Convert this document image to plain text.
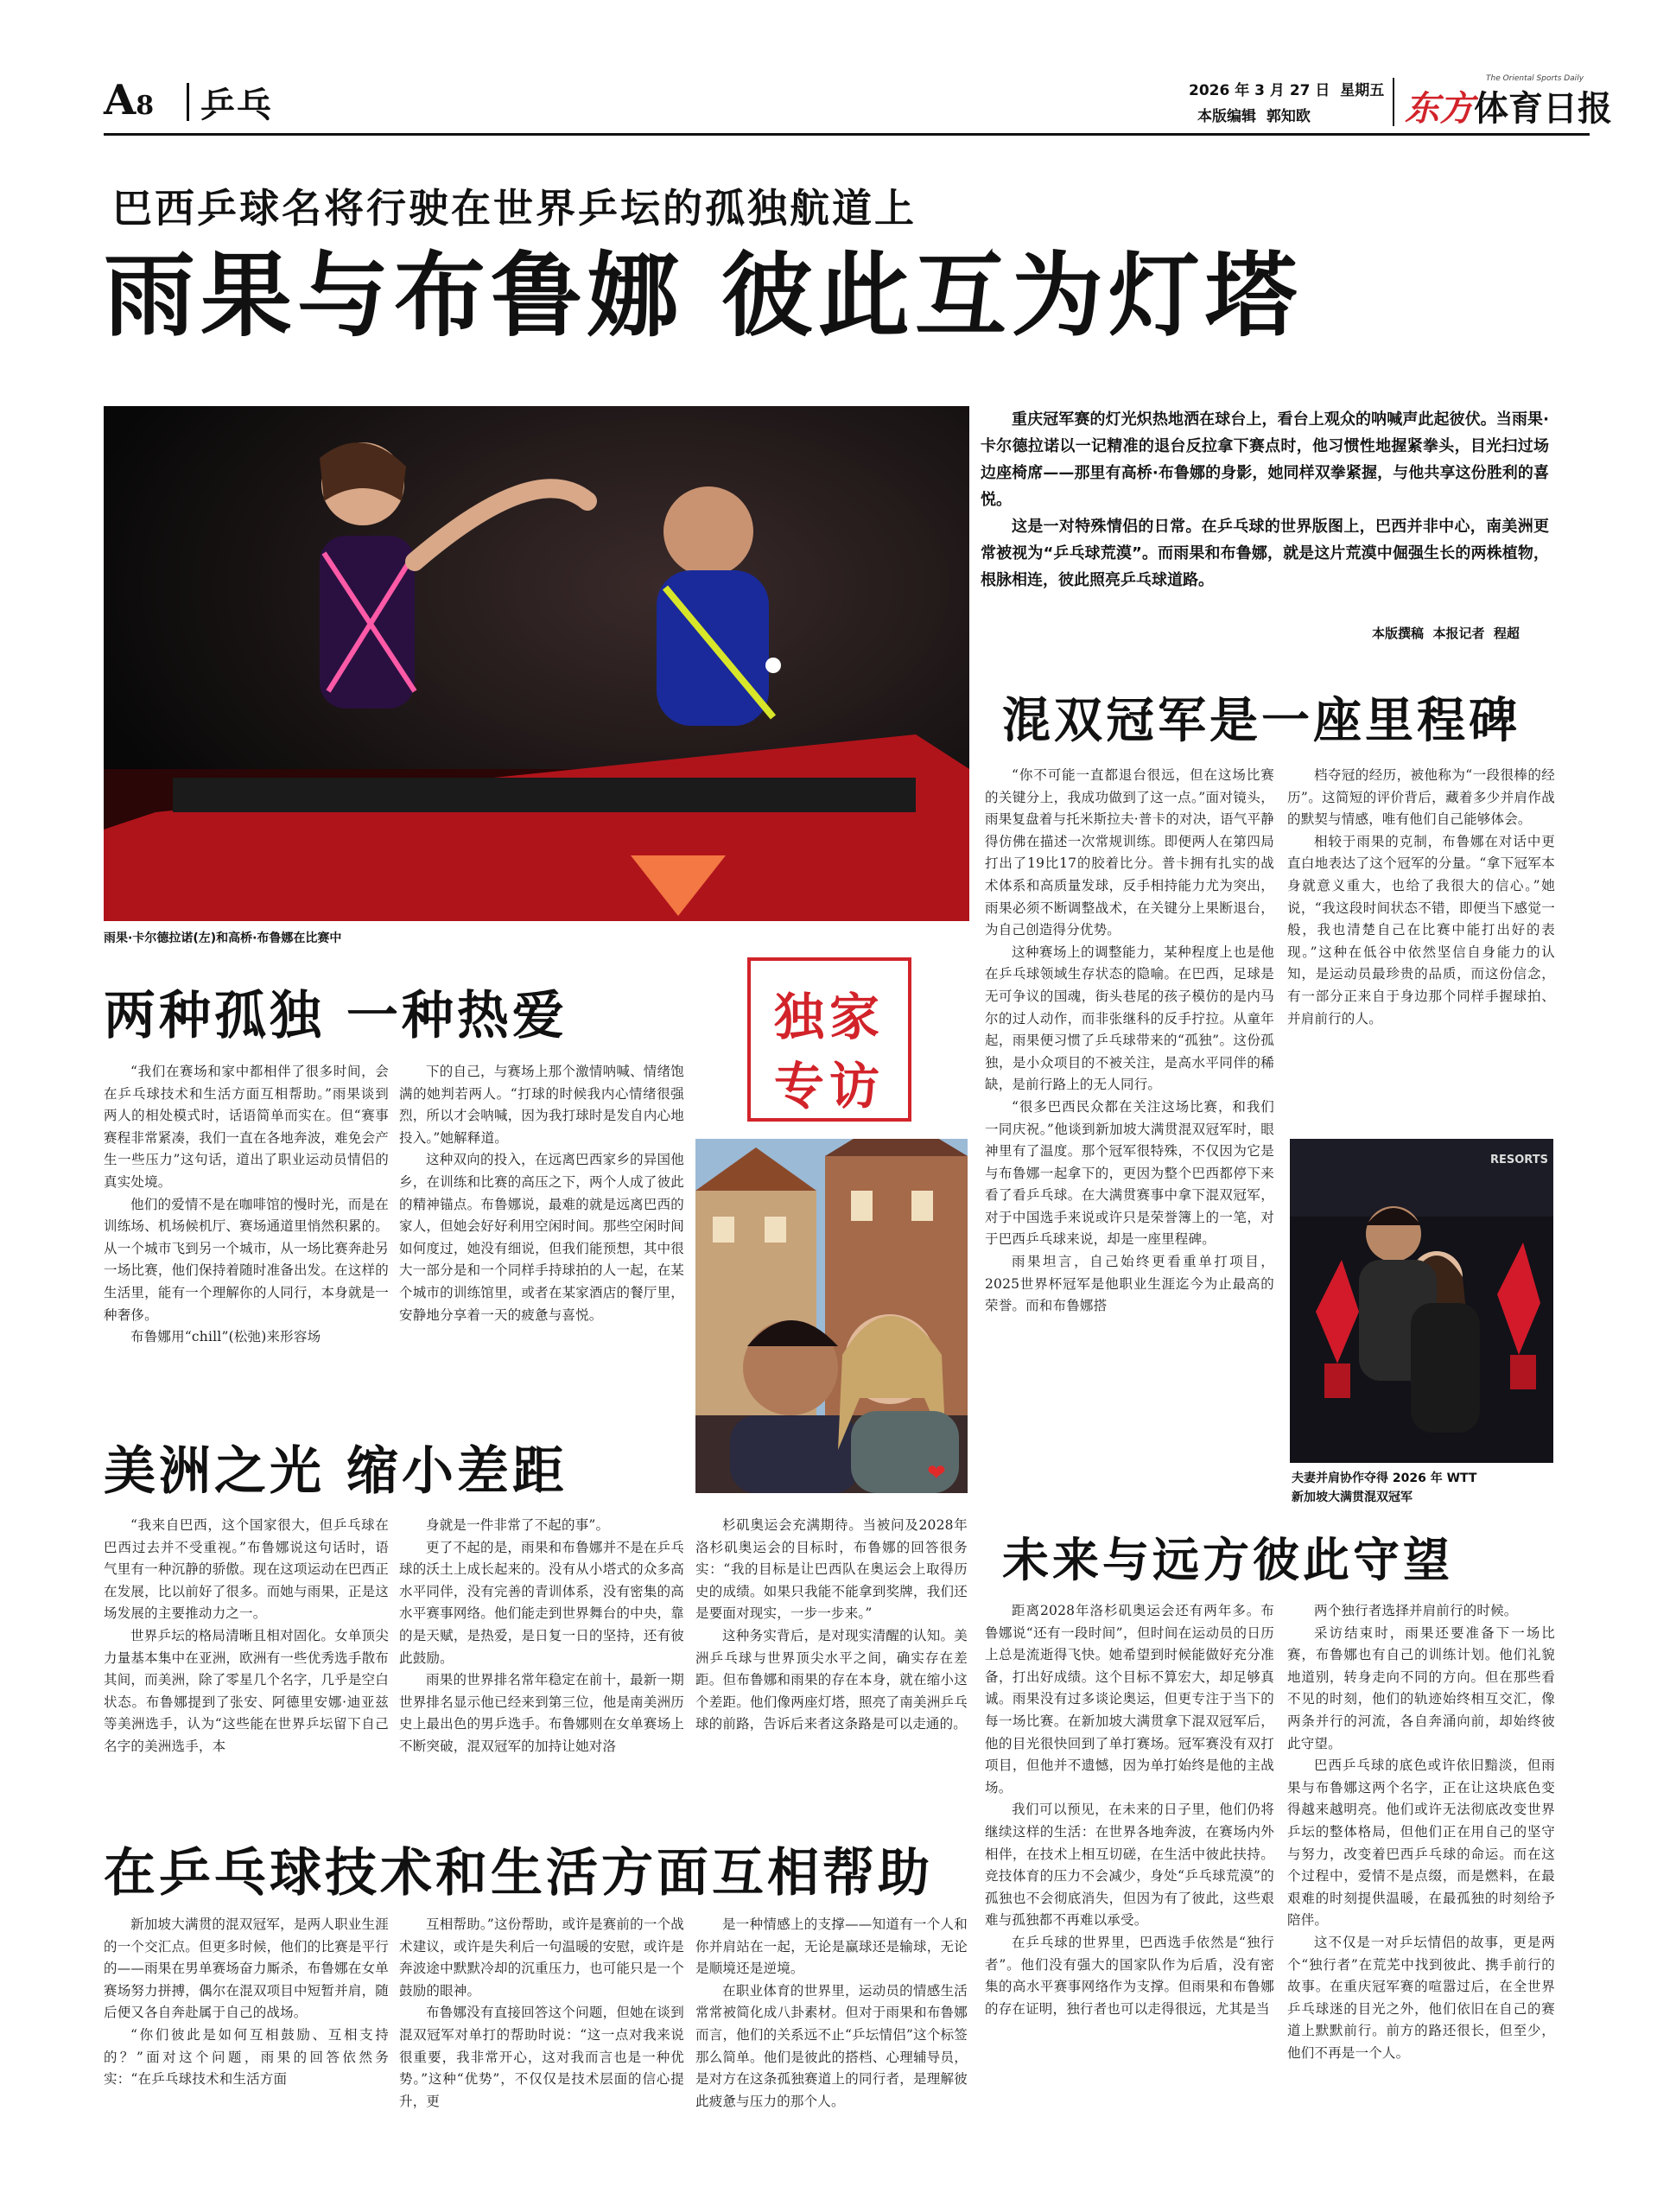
A8 乒乓	2026 年 3 月 27 日 星期五
本版编辑  郭知欧	东方体育日报
The Oriental Sports Daily
巴西乒球名将行驶在世界乒坛的孤独航道上
雨果与布鲁娜 彼此互为灯塔
雨果·卡尔德拉诺(左)和高桥·布鲁娜在比赛中

重庆冠军赛的灯光炽热地洒在球台上，看台上观众的呐喊声此起彼伏。当雨果·卡尔德拉诺以一记精准的退台反拉拿下赛点时，他习惯性地握紧拳头，目光扫过场边座椅席——那里有高桥·布鲁娜的身影，她同样双拳紧握，与他共享这份胜利的喜悦。

这是一对特殊情侣的日常。在乒乓球的世界版图上，巴西并非中心，南美洲更常被视为“乒乓球荒漠”。而雨果和布鲁娜，就是这片荒漠中倔强生长的两株植物，根脉相连，彼此照亮乒乓球道路。

本版撰稿  本报记者  程超
混双冠军是一座里程碑
两种孤独 一种热爱
美洲之光 缩小差距
未来与远方彼此守望
在乒乓球技术和生活方面互相帮助
独家
专访
❤
RESORTS
夫妻并肩协作夺得 2026 年 WTT
新加坡大满贯混双冠军

“我们在赛场和家中都相伴了很多时间，会在乒乓球技术和生活方面互相帮助。”雨果谈到两人的相处模式时，话语简单而实在。但“赛事赛程非常紧凑，我们一直在各地奔波，难免会产生一些压力”这句话，道出了职业运动员情侣的真实处境。

他们的爱情不是在咖啡馆的慢时光，而是在训练场、机场候机厅、赛场通道里悄然积累的。从一个城市飞到另一个城市，从一场比赛奔赴另一场比赛，他们保持着随时准备出发。在这样的生活里，能有一个理解你的人同行，本身就是一种奢侈。

布鲁娜用“chill”(松弛)来形容场

下的自己，与赛场上那个激情呐喊、情绪饱满的她判若两人。“打球的时候我内心情绪很强烈，所以才会呐喊，因为我打球时是发自内心地投入。”她解释道。

这种双向的投入，在远离巴西家乡的异国他乡，在训练和比赛的高压之下，两个人成了彼此的精神锚点。布鲁娜说，最难的就是远离巴西的家人，但她会好好利用空闲时间。那些空闲时间如何度过，她没有细说，但我们能预想，其中很大一部分是和一个同样手持球拍的人一起，在某个城市的训练馆里，或者在某家酒店的餐厅里，安静地分享着一天的疲惫与喜悦。

“你不可能一直都退台很远，但在这场比赛的关键分上，我成功做到了这一点。”面对镜头，雨果复盘着与托米斯拉夫·普卡的对决，语气平静得仿佛在描述一次常规训练。即便两人在第四局打出了19比17的胶着比分。普卡拥有扎实的战术体系和高质量发球，反手相持能力尤为突出，雨果必须不断调整战术，在关键分上果断退台，为自己创造得分优势。

这种赛场上的调整能力，某种程度上也是他在乒乓球领域生存状态的隐喻。在巴西，足球是无可争议的国魂，街头巷尾的孩子模仿的是内马尔的过人动作，而非张继科的反手拧拉。从童年起，雨果便习惯了乒乓球带来的“孤独”。这份孤独，是小众项目的不被关注，是高水平同伴的稀缺，是前行路上的无人同行。

“很多巴西民众都在关注这场比赛，和我们一同庆祝。”他谈到新加坡大满贯混双冠军时，眼神里有了温度。那个冠军很特殊，不仅因为它是与布鲁娜一起拿下的，更因为整个巴西都停下来看了看乒乓球。在大满贯赛事中拿下混双冠军，对于中国选手来说或许只是荣誉簿上的一笔，对于巴西乒乓球来说，却是一座里程碑。

雨果坦言，自己始终更看重单打项目，2025世界杯冠军是他职业生涯迄今为止最高的荣誉。而和布鲁娜搭

档夺冠的经历，被他称为“一段很棒的经历”。这简短的评价背后，藏着多少并肩作战的默契与情感，唯有他们自己能够体会。

相较于雨果的克制，布鲁娜在对话中更直白地表达了这个冠军的分量。“拿下冠军本身就意义重大，也给了我很大的信心。”她说，“我这段时间状态不错，即便当下感觉一般，我也清楚自己在比赛中能打出好的表现。”这种在低谷中依然坚信自身能力的认知，是运动员最珍贵的品质，而这份信念，有一部分正来自于身边那个同样手握球拍、并肩前行的人。

“我来自巴西，这个国家很大，但乒乓球在巴西过去并不受重视。”布鲁娜说这句话时，语气里有一种沉静的骄傲。现在这项运动在巴西正在发展，比以前好了很多。而她与雨果，正是这场发展的主要推动力之一。

世界乒坛的格局清晰且相对固化。女单顶尖力量基本集中在亚洲，欧洲有一些优秀选手散布其间，而美洲，除了零星几个名字，几乎是空白状态。布鲁娜提到了张安、阿德里安娜·迪亚兹等美洲选手，认为“这些能在世界乒坛留下自己名字的美洲选手，本

身就是一件非常了不起的事”。

更了不起的是，雨果和布鲁娜并不是在乒乓球的沃土上成长起来的。没有从小塔式的众多高水平同伴，没有完善的青训体系，没有密集的高水平赛事网络。他们能走到世界舞台的中央，靠的是天赋，是热爱，是日复一日的坚持，还有彼此鼓励。

雨果的世界排名常年稳定在前十，最新一期世界排名显示他已经来到第三位，他是南美洲历史上最出色的男乒选手。布鲁娜则在女单赛场上不断突破，混双冠军的加持让她对洛

杉矶奥运会充满期待。当被问及2028年洛杉矶奥运会的目标时，布鲁娜的回答很务实：“我的目标是让巴西队在奥运会上取得历史的成绩。如果只我能不能拿到奖牌，我们还是要面对现实，一步一步来。”

这种务实背后，是对现实清醒的认知。美洲乒乓球与世界顶尖水平之间，确实存在差距。但布鲁娜和雨果的存在本身，就在缩小这个差距。他们像两座灯塔，照亮了南美洲乒乓球的前路，告诉后来者这条路是可以走通的。

距离2028年洛杉矶奥运会还有两年多。布鲁娜说“还有一段时间”，但时间在运动员的日历上总是流逝得飞快。她希望到时候能做好充分准备，打出好成绩。这个目标不算宏大，却足够真诚。雨果没有过多谈论奥运，但更专注于当下的每一场比赛。在新加坡大满贯拿下混双冠军后，他的目光很快回到了单打赛场。冠军赛没有双打项目，但他并不遗憾，因为单打始终是他的主战场。

我们可以预见，在未来的日子里，他们仍将继续这样的生活：在世界各地奔波，在赛场内外相伴，在技术上相互切磋，在生活中彼此扶持。竞技体育的压力不会减少，身处“乒乓球荒漠”的孤独也不会彻底消失，但因为有了彼此，这些艰难与孤独都不再难以承受。

在乒乓球的世界里，巴西选手依然是“独行者”。他们没有强大的国家队作为后盾，没有密集的高水平赛事网络作为支撑。但雨果和布鲁娜的存在证明，独行者也可以走得很远，尤其是当

两个独行者选择并肩前行的时候。

采访结束时，雨果还要准备下一场比赛，布鲁娜也有自己的训练计划。他们礼貌地道别，转身走向不同的方向。但在那些看不见的时刻，他们的轨迹始终相互交汇，像两条并行的河流，各自奔涌向前，却始终彼此守望。

巴西乒乓球的底色或许依旧黯淡，但雨果与布鲁娜这两个名字，正在让这块底色变得越来越明亮。他们或许无法彻底改变世界乒坛的整体格局，但他们正在用自己的坚守与努力，改变着巴西乒乓球的命运。而在这个过程中，爱情不是点缀，而是燃料，在最艰难的时刻提供温暖，在最孤独的时刻给予陪伴。

这不仅是一对乒坛情侣的故事，更是两个“独行者”在荒芜中找到彼此、携手前行的故事。在重庆冠军赛的喧嚣过后，在全世界乒乓球迷的目光之外，他们依旧在自己的赛道上默默前行。前方的路还很长，但至少，他们不再是一个人。

新加坡大满贯的混双冠军，是两人职业生涯的一个交汇点。但更多时候，他们的比赛是平行的——雨果在男单赛场奋力厮杀，布鲁娜在女单赛场努力拼搏，偶尔在混双项目中短暂并肩，随后便又各自奔赴属于自己的战场。

“你们彼此是如何互相鼓励、互相支持的？”面对这个问题，雨果的回答依然务实：“在乒乓球技术和生活方面

互相帮助。”这份帮助，或许是赛前的一个战术建议，或许是失利后一句温暖的安慰，或许是奔波途中默默冷却的沉重压力，也可能只是一个鼓励的眼神。

布鲁娜没有直接回答这个问题，但她在谈到混双冠军对单打的帮助时说：“这一点对我来说很重要，我非常开心，这对我而言也是一种优势。”这种“优势”，不仅仅是技术层面的信心提升，更

是一种情感上的支撑——知道有一个人和你并肩站在一起，无论是赢球还是输球，无论是顺境还是逆境。

在职业体育的世界里，运动员的情感生活常常被简化成八卦素材。但对于雨果和布鲁娜而言，他们的关系远不止“乒坛情侣”这个标签那么简单。他们是彼此的搭档、心理辅导员，是对方在这条孤独赛道上的同行者，是理解彼此疲惫与压力的那个人。
